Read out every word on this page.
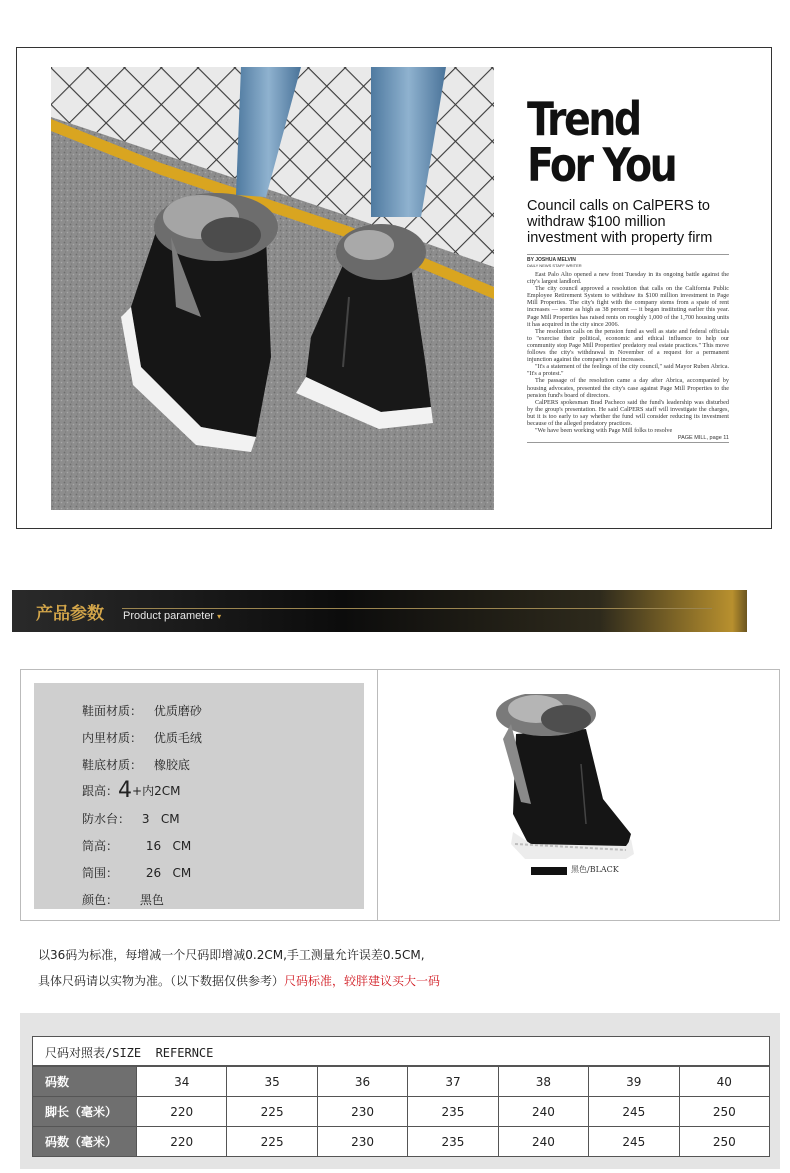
Trend
For You
Council calls on CalPERS to withdraw $100 million investment with property firm
BY JOSHUA MELVIN
DAILY NEWS STAFF WRITER

East Palo Alto opened a new front Tuesday in its ongoing battle against the city's largest landlord.

The city council approved a resolution that calls on the California Public Employee Retirement System to withdraw its $100 million investment in Page Mill Properties. The city's fight with the company stems from a spate of rent increases — some as high as 38 percent — it began instituting earlier this year. Page Mill Properties has raised rents on roughly 1,000 of the 1,700 housing units it has acquired in the city since 2006.

The resolution calls on the pension fund as well as state and federal officials to "exercise their political, economic and ethical influence to help our community stop Page Mill Properties' predatory real estate practices." This move follows the city's withdrawal in November of a request for a permanent injunction against the company's rent increases.

"It's a statement of the feelings of the city council," said Mayor Ruben Abrica. "It's a protest."

The passage of the resolution came a day after Abrica, accompanied by housing advocates, presented the city's case against Page Mill Properties to the pension fund's board of directors.

CalPERS spokesman Brad Pacheco said the fund's leadership was disturbed by the group's presentation. He said CalPERS staff will investigate the charges, but it is too early to say whether the fund will consider reducing its investment because of the alleged predatory practices.

"We have been working with Page Mill folks to resolve

PAGE MILL, page 11
产品参数 Product parameter ▾
鞋面材质： 优质磨砂
内里材质： 优质毛绒
鞋底材质： 橡胶底
跟高：4+内2CM
防水台： 3   CM
筒高： 16   CM
筒围： 26   CM
颜色： 黑色
黑色/BLACK
以36码为标准，每增减一个尺码即增减0.2CM,手工测量允许误差0.5CM,
具体尺码请以实物为准。（以下数据仅供参考）尺码标准，较胖建议买大一码
尺码对照表/SIZE  REFERNCE
码数	34	35	36	37	38	39	40
脚长（毫米）	220	225	230	235	240	245	250
码数（毫米）	220	225	230	235	240	245	250
